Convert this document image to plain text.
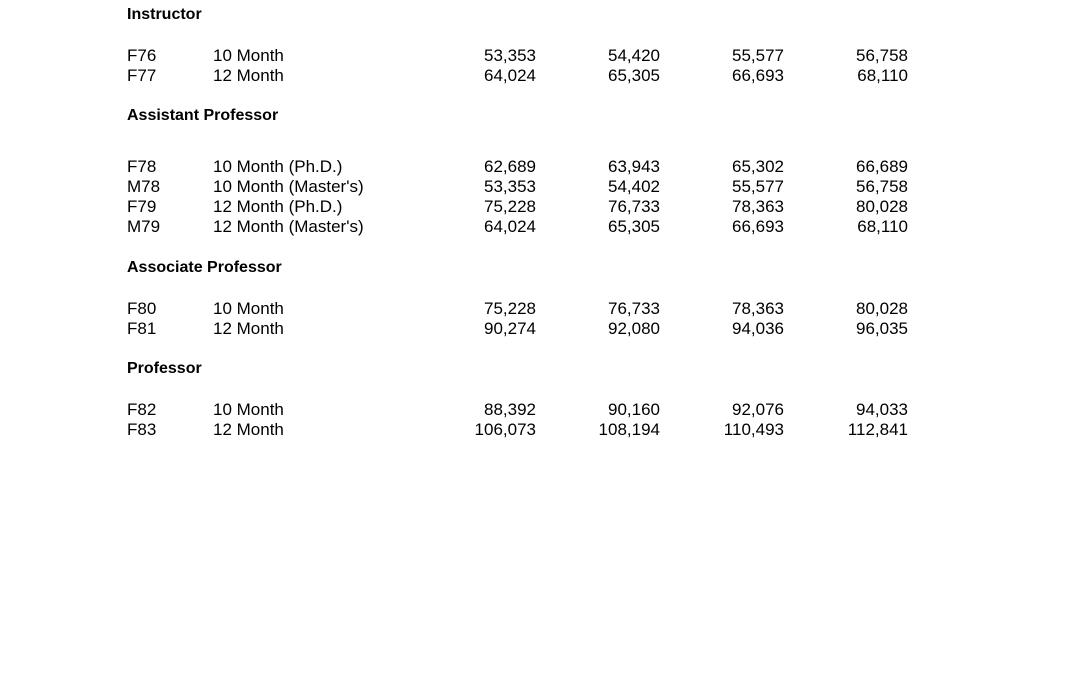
Instructor
F76	10 Month	53,353	54,420	55,577	56,758
F77	12 Month	64,024	65,305	66,693	68,110
Assistant Professor
F78	10 Month (Ph.D.)	62,689	63,943	65,302	66,689
M78	10 Month (Master's)	53,353	54,402	55,577	56,758
F79	12 Month (Ph.D.)	75,228	76,733	78,363	80,028
M79	12 Month (Master's)	64,024	65,305	66,693	68,110
Associate Professor
F80	10 Month	75,228	76,733	78,363	80,028
F81	12 Month	90,274	92,080	94,036	96,035
Professor
F82	10 Month	88,392	90,160	92,076	94,033
F83	12 Month	106,073	108,194	110,493	112,841
